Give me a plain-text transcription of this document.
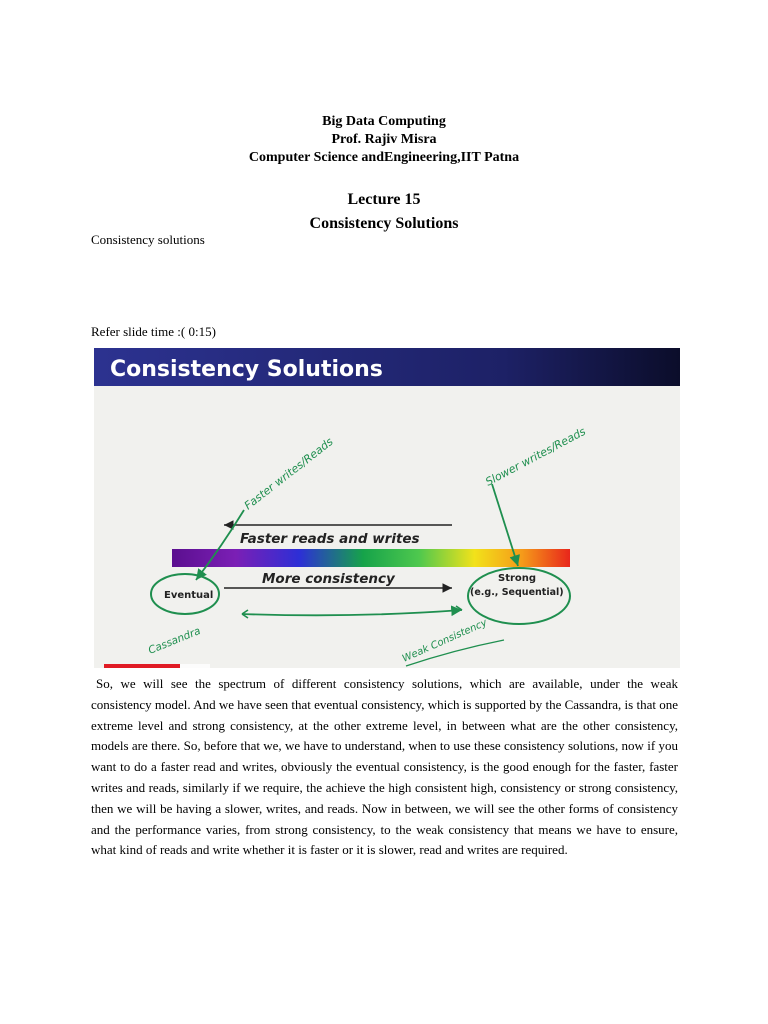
Big Data Computing
Prof. Rajiv Misra
Computer Science andEngineering,IIT Patna
Lecture 15
Consistency Solutions
Consistency solutions
Refer slide time :( 0:15)
Consistency Solutions
Faster reads and writes
More consistency
Eventual
Strong
(e.g., Sequential)
Faster writes/Reads	Slower writes/Reads
Cassandra	Weak Consistency

So, we will see the spectrum of different consistency solutions, which are available, under the weak consistency model. And we have seen that eventual consistency, which is supported by the Cassandra, is that one extreme level and strong consistency, at the other extreme level, in between what are the other consistency, models are there. So, before that we, we have to understand, when to use these consistency solutions, now if you want to do a faster read and writes, obviously the eventual consistency, is the good enough for the faster, faster writes and reads, similarly if we require, the achieve the high consistent high, consistency or strong consistency, then we will be having a slower, writes, and reads. Now in between, we will see the other forms of consistency and the performance varies, from strong consistency, to the weak consistency that means we have to ensure, what kind of reads and write whether it is faster or it is slower, read and writes are required.
